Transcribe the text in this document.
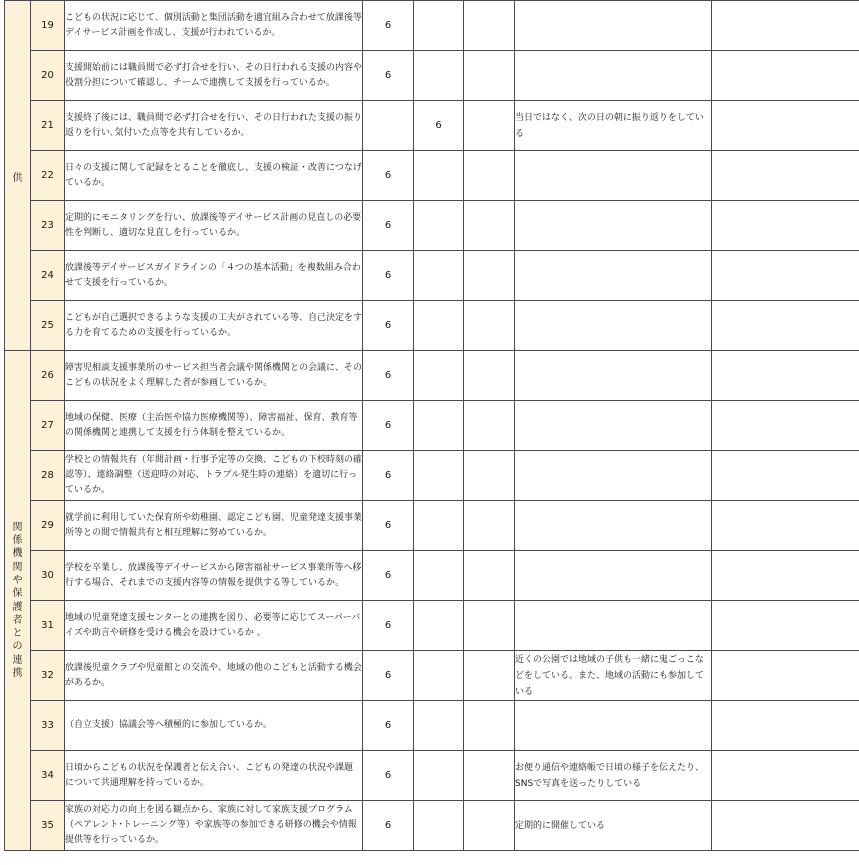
供	19	こどもの状況に応じて、個別活動と集団活動を適宜組み合わせて放課後等デイサービス計画を作成し、支援が行われているか。	6				
	20	支援開始前には職員間で必ず打合せを行い、その日行われる支援の内容や役割分担について確認し、チームで連携して支援を行っているか。	6				
	21	支援終了後には、職員間で必ず打合せを行い、その日行われた支援の振り返りを行い､気付いた点等を共有しているか。		6		当日ではなく、次の日の朝に振り返りをしている	
	22	日々の支援に関して記録をとることを徹底し、支援の検証・改善につなげているか。	6				
	23	定期的にモニタリングを行い、放課後等デイサービス計画の見直しの必要性を判断し、適切な見直しを行っているか。	6				
	24	放課後等デイサービスガイドラインの「４つの基本活動」を複数組み合わせて支援を行っているか。	6				
	25	こどもが自己選択できるような支援の工夫がされている等、自己決定をする力を育てるための支援を行っているか。	6				
関係機関や保護者との連携	26	障害児相談支援事業所のサービス担当者会議や関係機関との会議に、そのこどもの状況をよく理解した者が参画しているか。	6				
	27	地域の保健、医療（主治医や協力医療機関等）、障害福祉、保育、教育等の関係機関と連携して支援を行う体制を整えているか。	6				
	28	学校との情報共有（年間計画・行事予定等の交換、こどもの下校時刻の確認等）、連絡調整（送迎時の対応、トラブル発生時の連絡）を適切に行っているか。	6				
	29	就学前に利用していた保育所や幼稚園、認定こども園、児童発達支援事業所等との間で情報共有と相互理解に努めているか。	6				
	30	学校を卒業し、放課後等デイサービスから障害福祉サービス事業所等へ移行する場合、それまでの支援内容等の情報を提供する等しているか。	6				
	31	地域の児童発達支援センターとの連携を図り、必要等に応じてスーパーバイズや助言や研修を受ける機会を設けているか 。	6				
	32	放課後児童クラブや児童館との交流や、地域の他のこどもと活動する機会があるか。	6			近くの公園では地域の子供も一緒に鬼ごっこなどをしている。また、地域の活動にも参加している	
	33	（自立支援）協議会等へ積極的に参加しているか。	6				
	34	日頃からこどもの状況を保護者と伝え合い、こどもの発達の状況や課題について共通理解を持っているか。	6			お便り通信や連絡帳で日頃の様子を伝えたり、SNSで写真を送ったりしている	
	35	家族の対応力の向上を図る観点から、家族に対して家族支援プログラム（ペアレント･トレーニング等）や家族等の参加できる研修の機会や情報提供等を行っているか。	6			定期的に開催している	
